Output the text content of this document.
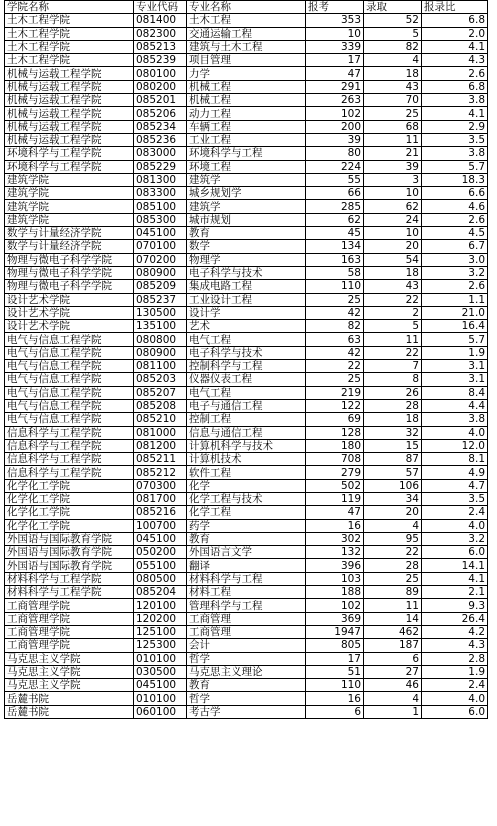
学院名称	专业代码	专业名称	报考	录取	报录比
土木工程学院	081400	土木工程	353	52	6.8
土木工程学院	082300	交通运输工程	10	5	2.0
土木工程学院	085213	建筑与土木工程	339	82	4.1
土木工程学院	085239	项目管理	17	4	4.3
机械与运载工程学院	080100	力学	47	18	2.6
机械与运载工程学院	080200	机械工程	291	43	6.8
机械与运载工程学院	085201	机械工程	263	70	3.8
机械与运载工程学院	085206	动力工程	102	25	4.1
机械与运载工程学院	085234	车辆工程	200	68	2.9
机械与运载工程学院	085236	工业工程	39	11	3.5
环境科学与工程学院	083000	环境科学与工程	80	21	3.8
环境科学与工程学院	085229	环境工程	224	39	5.7
建筑学院	081300	建筑学	55	3	18.3
建筑学院	083300	城乡规划学	66	10	6.6
建筑学院	085100	建筑学	285	62	4.6
建筑学院	085300	城市规划	62	24	2.6
数学与计量经济学院	045100	教育	45	10	4.5
数学与计量经济学院	070100	数学	134	20	6.7
物理与微电子科学学院	070200	物理学	163	54	3.0
物理与微电子科学学院	080900	电子科学与技术	58	18	3.2
物理与微电子科学学院	085209	集成电路工程	110	43	2.6
设计艺术学院	085237	工业设计工程	25	22	1.1
设计艺术学院	130500	设计学	42	2	21.0
设计艺术学院	135100	艺术	82	5	16.4
电气与信息工程学院	080800	电气工程	63	11	5.7
电气与信息工程学院	080900	电子科学与技术	42	22	1.9
电气与信息工程学院	081100	控制科学与工程	22	7	3.1
电气与信息工程学院	085203	仪器仪表工程	25	8	3.1
电气与信息工程学院	085207	电气工程	219	26	8.4
电气与信息工程学院	085208	电子与通信工程	122	28	4.4
电气与信息工程学院	085210	控制工程	69	18	3.8
信息科学与工程学院	081000	信息与通信工程	128	32	4.0
信息科学与工程学院	081200	计算机科学与技术	180	15	12.0
信息科学与工程学院	085211	计算机技术	708	87	8.1
信息科学与工程学院	085212	软件工程	279	57	4.9
化学化工学院	070300	化学	502	106	4.7
化学化工学院	081700	化学工程与技术	119	34	3.5
化学化工学院	085216	化学工程	47	20	2.4
化学化工学院	100700	药学	16	4	4.0
外国语与国际教育学院	045100	教育	302	95	3.2
外国语与国际教育学院	050200	外国语言文学	132	22	6.0
外国语与国际教育学院	055100	翻译	396	28	14.1
材料科学与工程学院	080500	材料科学与工程	103	25	4.1
材料科学与工程学院	085204	材料工程	188	89	2.1
工商管理学院	120100	管理科学与工程	102	11	9.3
工商管理学院	120200	工商管理	369	14	26.4
工商管理学院	125100	工商管理	1947	462	4.2
工商管理学院	125300	会计	805	187	4.3
马克思主义学院	010100	哲学	17	6	2.8
马克思主义学院	030500	马克思主义理论	51	27	1.9
马克思主义学院	045100	教育	110	46	2.4
岳麓书院	010100	哲学	16	4	4.0
岳麓书院	060100	考古学	6	1	6.0
